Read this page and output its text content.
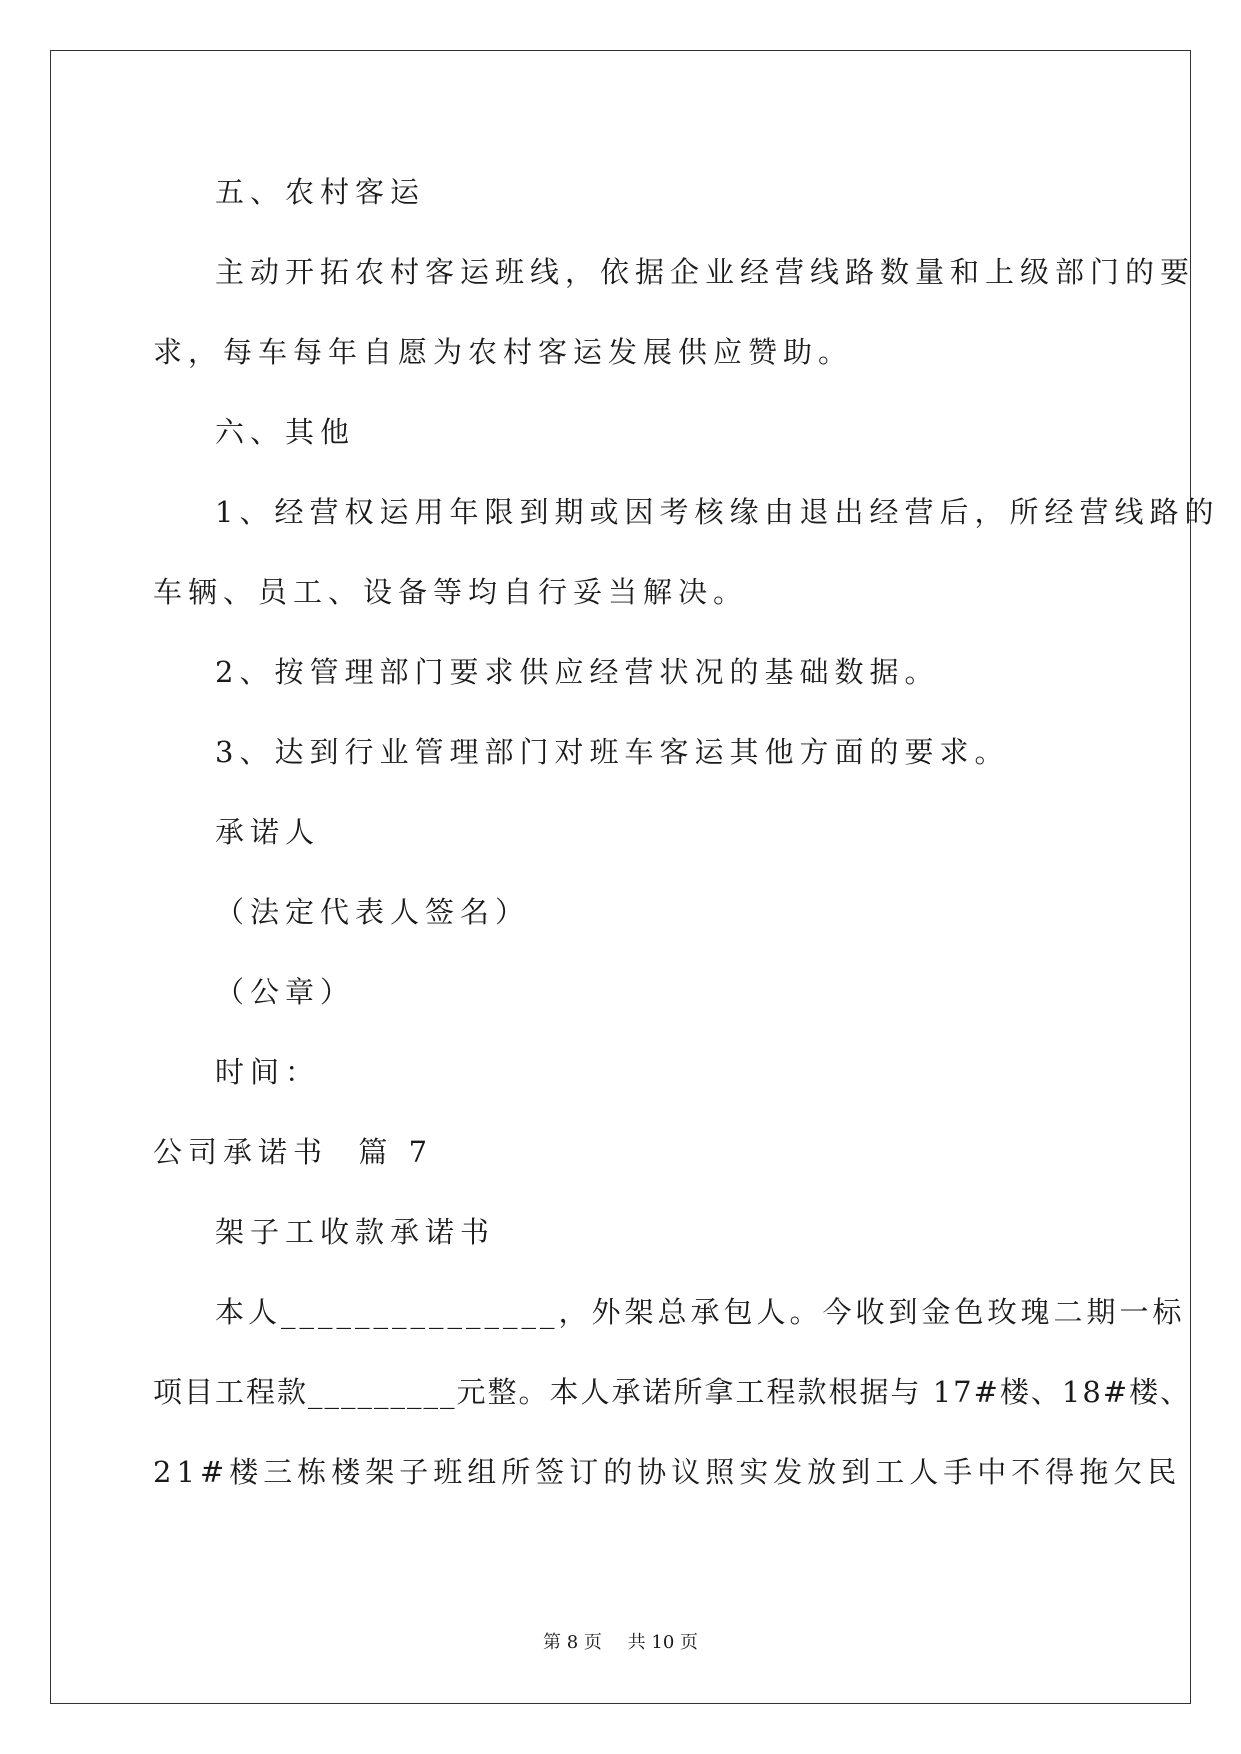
五、农村客运
主动开拓农村客运班线，依据企业经营线路数量和上级部门的要
求，每车每年自愿为农村客运发展供应赞助。
六、其他
1、经营权运用年限到期或因考核缘由退出经营后，所经营线路的
车辆、员工、设备等均自行妥当解决。
2、按管理部门要求供应经营状况的基础数据。
3、达到行业管理部门对班车客运其他方面的要求。
承诺人
（法定代表人签名）
（公章）
时间：
公司承诺书  篇 7
架子工收款承诺书
本人_______________，外架总承包人。今收到金色玫瑰二期一标
项目工程款_________元整。本人承诺所拿工程款根据与 17#楼、18#楼、
21#楼三栋楼架子班组所签订的协议照实发放到工人手中不得拖欠民
第 8 页 共 10 页
